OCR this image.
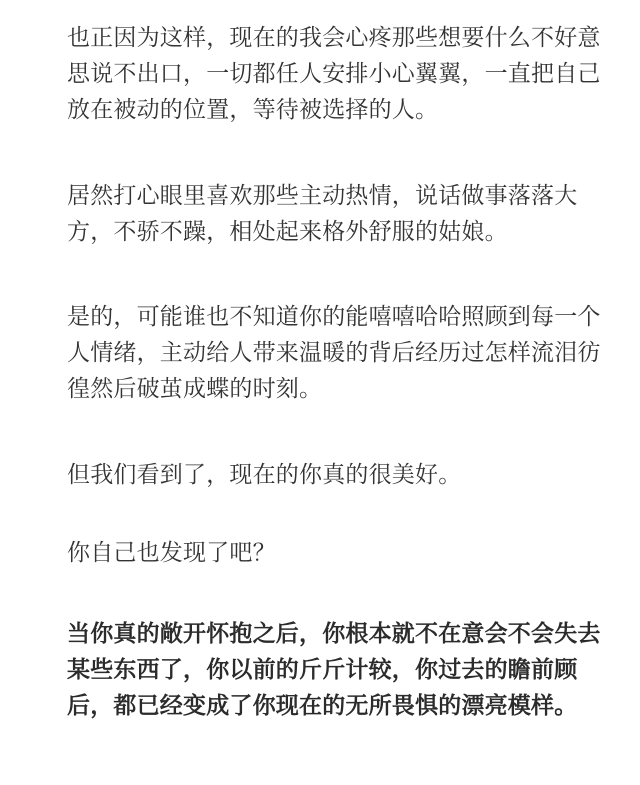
也正因为这样，现在的我会心疼那些想要什么不好意
思说不出口，一切都任人安排小心翼翼，一直把自己
放在被动的位置，等待被选择的人。

居然打心眼里喜欢那些主动热情，说话做事落落大
方，不骄不躁，相处起来格外舒服的姑娘。

是的，可能谁也不知道你的能嘻嘻哈哈照顾到每一个
人情绪，主动给人带来温暖的背后经历过怎样流泪彷
徨然后破茧成蝶的时刻。

但我们看到了，现在的你真的很美好。

你自己也发现了吧？

当你真的敞开怀抱之后，你根本就不在意会不会失去
某些东西了，你以前的斤斤计较，你过去的瞻前顾
后，都已经变成了你现在的无所畏惧的漂亮模样。
